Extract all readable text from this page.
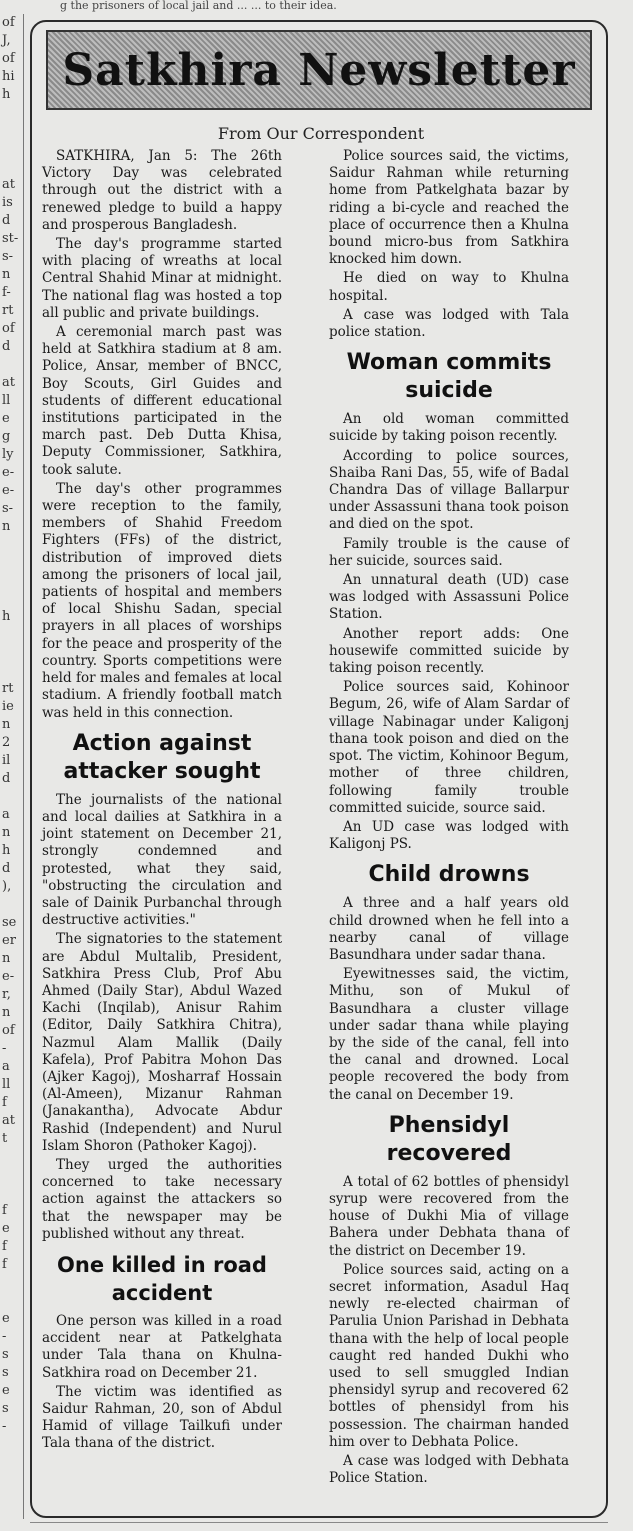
g the prisoners of local jail and ... ... to their idea.
of
J,
of
hi
h

at
is
d
st-
s-
n
f-
rt
of
d

at
ll
e
g
ly
e-
e-
s-
n

h

rt
ie
n
2
il
d

a
n
h
d
),

se
er
n
e-
r,
n
of
-
a
ll
f
at
t

f
e
f
f

e
-
s
s
e
s
-
Satkhira Newsletter
From Our Correspondent

SATKHIRA, Jan 5: The 26th Victory Day was celebrated through out the district with a renewed pledge to build a happy and prosperous Bangladesh.

The day's programme started with placing of wreaths at local Central Shahid Minar at midnight. The national flag was hosted a top all public and private buildings.

A ceremonial march past was held at Satkhira stadium at 8 am. Police, Ansar, member of BNCC, Boy Scouts, Girl Guides and students of different educational institutions participated in the march past. Deb Dutta Khisa, Deputy Commissioner, Satkhira, took salute.

The day's other programmes were reception to the family, members of Shahid Freedom Fighters (FFs) of the district, distribution of improved diets among the prisoners of local jail, patients of hospital and members of local Shishu Sadan, special prayers in all places of worships for the peace and prosperity of the country. Sports competitions were held for males and females at local stadium. A friendly football match was held in this connection.

Action against attacker sought

The journalists of the national and local dailies at Satkhira in a joint statement on December 21, strongly condemned and protested, what they said, "obstructing the circulation and sale of Dainik Purbanchal through destructive activities."

The signatories to the statement are Abdul Multalib, President, Satkhira Press Club, Prof Abu Ahmed (Daily Star), Abdul Wazed Kachi (Inqilab), Anisur Rahim (Editor, Daily Satkhira Chitra), Nazmul Alam Mallik (Daily Kafela), Prof Pabitra Mohon Das (Ajker Kagoj), Mosharraf Hossain (Al-Ameen), Mizanur Rahman (Janakantha), Advocate Abdur Rashid (Independent) and Nurul Islam Shoron (Pathoker Kagoj).

They urged the authorities concerned to take necessary action against the attackers so that the newspaper may be published without any threat.

One killed in road accident

One person was killed in a road accident near at Patkelghata under Tala thana on Khulna-Satkhira road on December 21.

The victim was identified as Saidur Rahman, 20, son of Abdul Hamid of village Tailkufi under Tala thana of the district.

Police sources said, the victims, Saidur Rahman while returning home from Patkelghata bazar by riding a bi-cycle and reached the place of occurrence then a Khulna bound micro-bus from Satkhira knocked him down.

He died on way to Khulna hospital.

A case was lodged with Tala police station.

Woman commits suicide

An old woman committed suicide by taking poison recently.

According to police sources, Shaiba Rani Das, 55, wife of Badal Chandra Das of village Ballarpur under Assassuni thana took poison and died on the spot.

Family trouble is the cause of her suicide, sources said.

An unnatural death (UD) case was lodged with Assassuni Police Station.

Another report adds: One housewife committed suicide by taking poison recently.

Police sources said, Kohinoor Begum, 26, wife of Alam Sardar of village Nabinagar under Kaligonj thana took poison and died on the spot. The victim, Kohinoor Begum, mother of three children, following family trouble committed suicide, source said.

An UD case was lodged with Kaligonj PS.

Child drowns

A three and a half years old child drowned when he fell into a nearby canal of village Basundhara under sadar thana.

Eyewitnesses said, the victim, Mithu, son of Mukul of Basundhara a cluster village under sadar thana while playing by the side of the canal, fell into the canal and drowned. Local people recovered the body from the canal on December 19.

Phensidyl recovered

A total of 62 bottles of phensidyl syrup were recovered from the house of Dukhi Mia of village Bahera under Debhata thana of the district on December 19.

Police sources said, acting on a secret information, Asadul Haq newly re-elected chairman of Parulia Union Parishad in Debhata thana with the help of local people caught red handed Dukhi who used to sell smuggled Indian phensidyl syrup and recovered 62 bottles of phensidyl from his possession. The chairman handed him over to Debhata Police.

A case was lodged with Debhata Police Station.
